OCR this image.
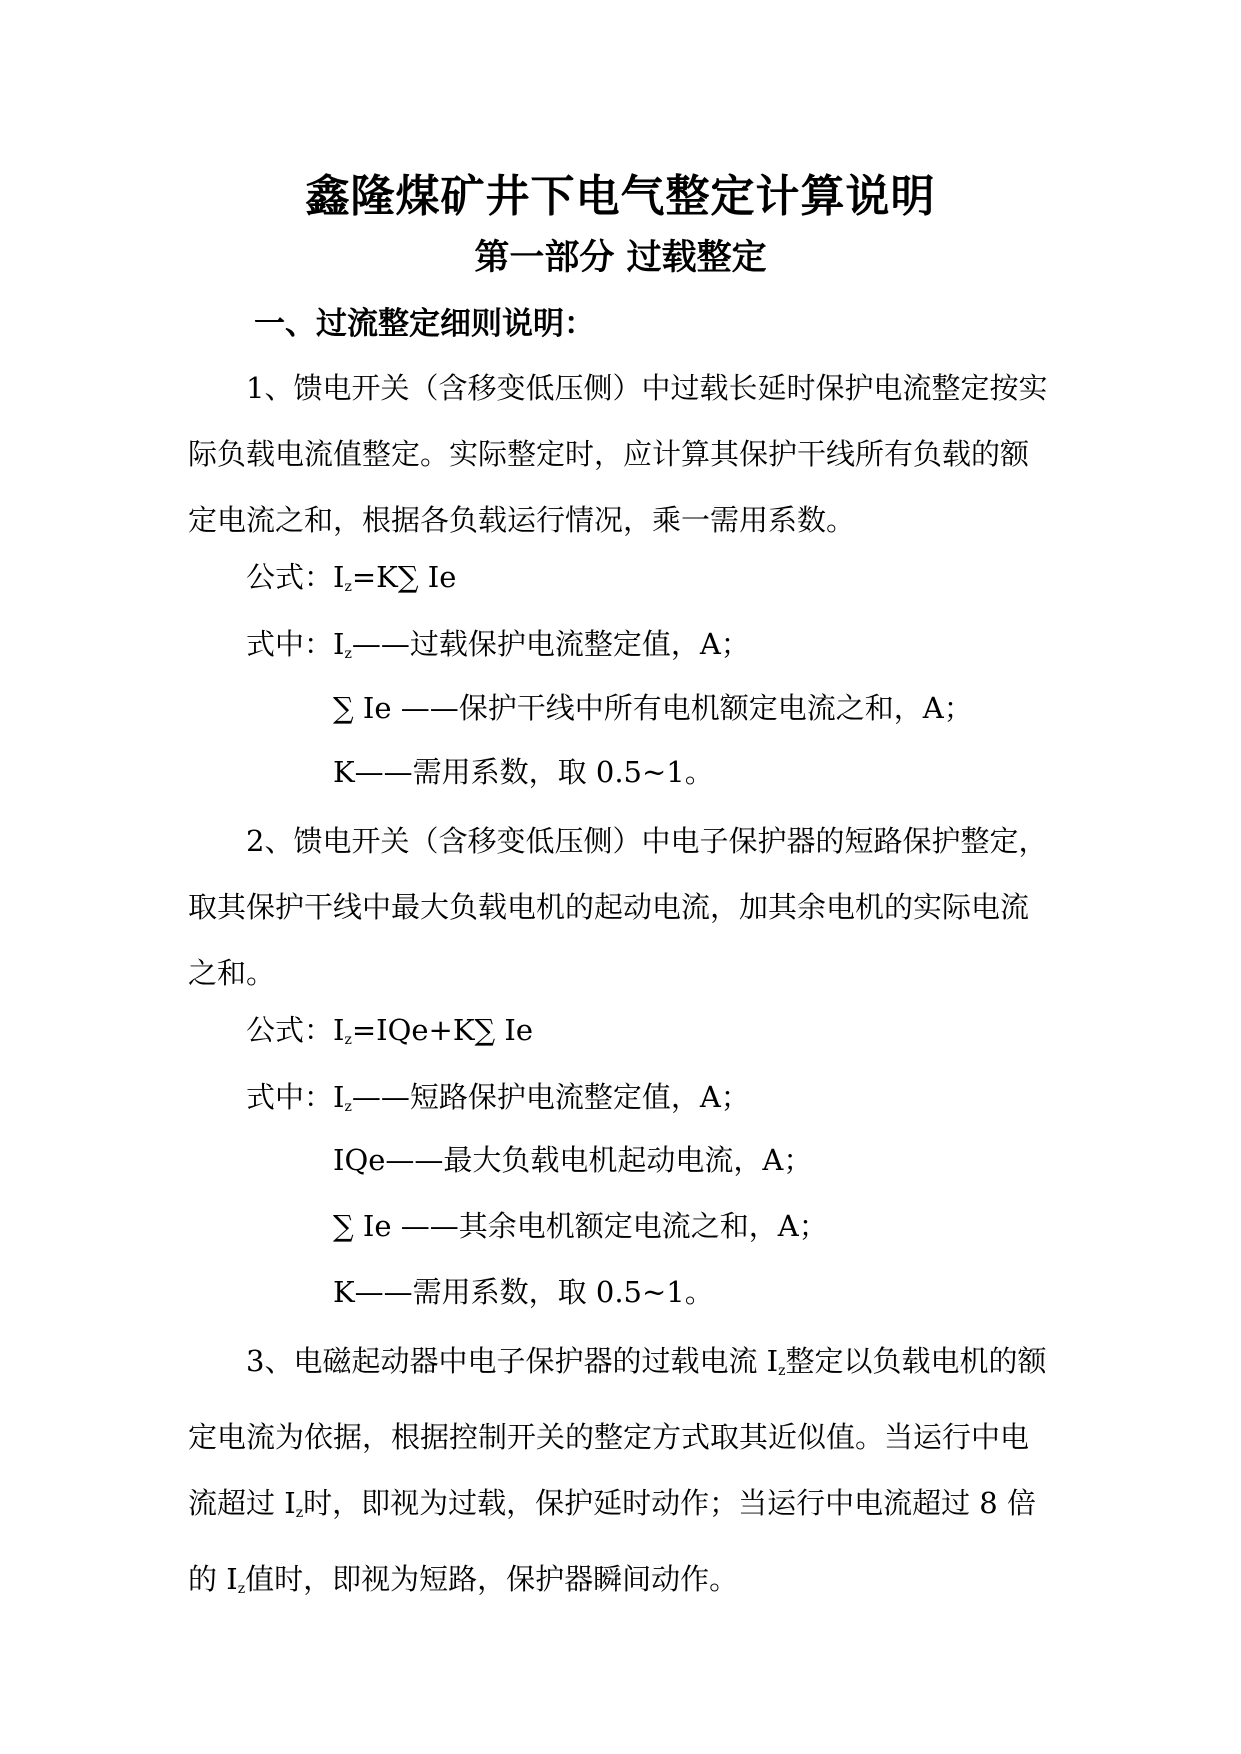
鑫隆煤矿井下电气整定计算说明
第一部分 过载整定
一、过流整定细则说明：
1、馈电开关（含移变低压侧）中过载长延时保护电流整定按实际负载电流值整定。实际整定时，应计算其保护干线所有负载的额定电流之和，根据各负载运行情况，乘一需用系数。
公式：$I_z=K\sum$ Ie
式中：$I_z——$过载保护电流整定值，A；
∑ Ie ——保护干线中所有电机额定电流之和，A；
K——需用系数，取 0.5~1。
2、馈电开关（含移变低压侧）中电子保护器的短路保护整定，取其保护干线中最大负载电机的起动电流，加其余电机的实际电流之和。
公式：$I_z=IQe+K\sum$ Ie
式中：$I_z——$短路保护电流整定值，A；
IQe——最大负载电机起动电流，A；
∑ Ie ——其余电机额定电流之和，A；
K——需用系数，取 0.5~1。
3、电磁起动器中电子保护器的过载电流 $I_z$整定以负载电机的额定电流为依据，根据控制开关的整定方式取其近似值。当运行中电流超过 $I_z$时，即视为过载，保护延时动作；当运行中电流超过 8 倍的 $I_z$值时，即视为短路，保护器瞬间动作。
